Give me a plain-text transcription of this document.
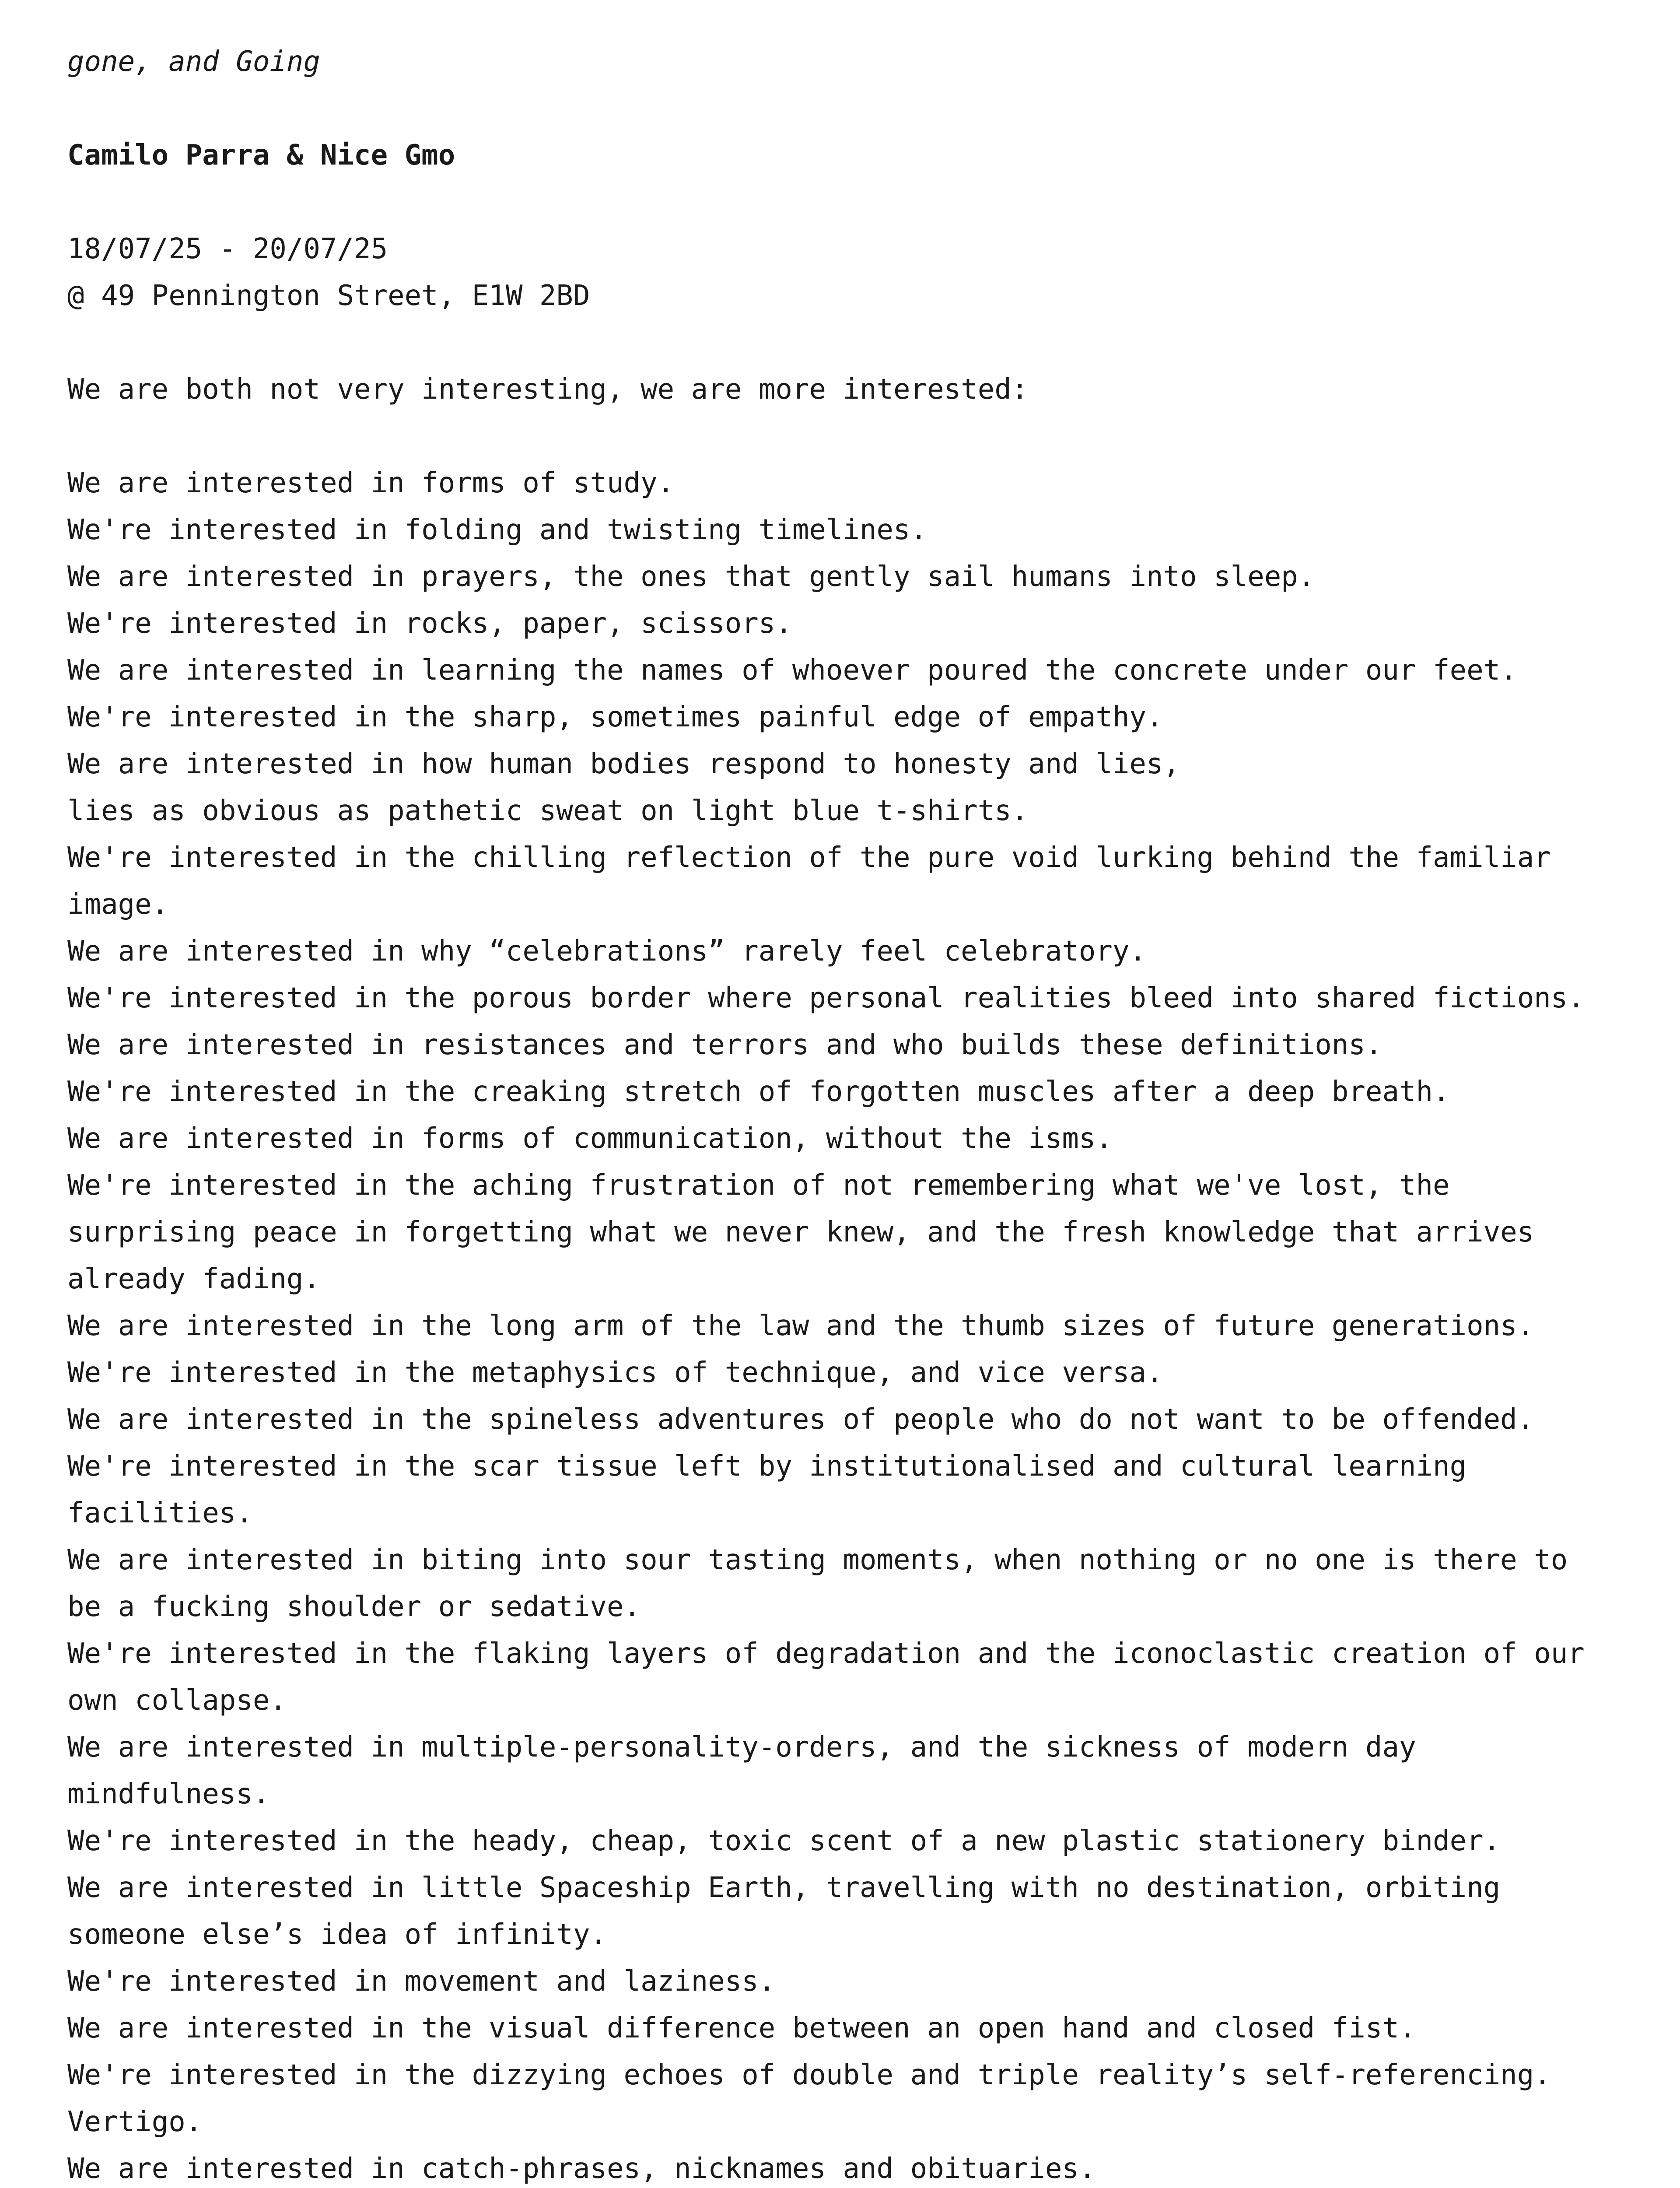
gone, and Going
Camilo Parra & Nice Gmo
18/07/25 - 20/07/25
@ 49 Pennington Street, E1W 2BD
We are both not very interesting, we are more interested:
We are interested in forms of study.
We're interested in folding and twisting timelines.
We are interested in prayers, the ones that gently sail humans into sleep.
We're interested in rocks, paper, scissors.
We are interested in learning the names of whoever poured the concrete under our feet.
We're interested in the sharp, sometimes painful edge of empathy.
We are interested in how human bodies respond to honesty and lies,
lies as obvious as pathetic sweat on light blue t-shirts.
We're interested in the chilling reflection of the pure void lurking behind the familiar image.
We are interested in why “celebrations” rarely feel celebratory.
We're interested in the porous border where personal realities bleed into shared fictions.
We are interested in resistances and terrors and who builds these definitions.
We're interested in the creaking stretch of forgotten muscles after a deep breath.
We are interested in forms of communication, without the isms.
We're interested in the aching frustration of not remembering what we've lost, the surprising peace in forgetting what we never knew, and the fresh knowledge that arrives already fading.
We are interested in the long arm of the law and the thumb sizes of future generations.
We're interested in the metaphysics of technique, and vice versa.
We are interested in the spineless adventures of people who do not want to be offended.
We're interested in the scar tissue left by institutionalised and cultural learning facilities.
We are interested in biting into sour tasting moments, when nothing or no one is there to be a fucking shoulder or sedative.
We're interested in the flaking layers of degradation and the iconoclastic creation of our own collapse.
We are interested in multiple-personality-orders, and the sickness of modern day mindfulness.
We're interested in the heady, cheap, toxic scent of a new plastic stationery binder.
We are interested in little Spaceship Earth, travelling with no destination, orbiting someone else’s idea of infinity.
We're interested in movement and laziness.
We are interested in the visual difference between an open hand and closed fist.
We're interested in the dizzying echoes of double and triple reality’s self-referencing. Vertigo.
We are interested in catch-phrases, nicknames and obituaries.
